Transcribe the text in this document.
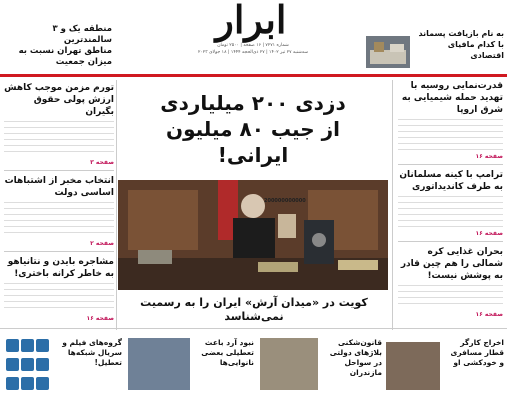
منطقه یک و ۳ سالمندترین
مناطق تهران نسبت به میزان جمعیت
ابرار
شماره ۷۲۷۱ | ۱۶ صفحه | ۲۵۰۰ تومان
سه‌شنبه ۲۷ تیر ۱۴۰۲ | ۲۷ ذی‌الحجه ۱۴۴۴ | ۱۸ جولای ۲۰۲۳
به نام بازیافت پسماند
با کدام مافیای اقتصادی
تورم مزمن موجب کاهش ارزش پولی حقوق بگیران
صفحه ۳
انتخاب مخبر از اشتباهات اساسی دولت
صفحه ۲
مشاجره بایدن و نتانیاهو به خاطر کرانه باختری!
صفحه ۱۶
دزدی ۲۰۰ میلیاردی
از جیب ۸۰ میلیون ایرانی!
200000000000
کویت در «میدان آرش» ایران را به رسمیت نمی‌شناسد
قدرت‌نمایی روسیه با تهدید حمله شیمیایی به شرق اروپا
صفحه ۱۶
ترامپ با کینه مسلمانان به طرف کاندیداتوری
صفحه ۱۶
بحران غذایی کره شمالی را هم چین قادر به پوشش نیست!
صفحه ۱۶
اخراج کارگر قطار مسافری و خودکشی او
قانون‌شکنی بلاژهای دولتی در سواحل مازندران
نبود آرد باعث تعطیلی بعضی نانوایی‌ها

گروه‌های فیلم و سریال شبکه‌ها تعطیل!
